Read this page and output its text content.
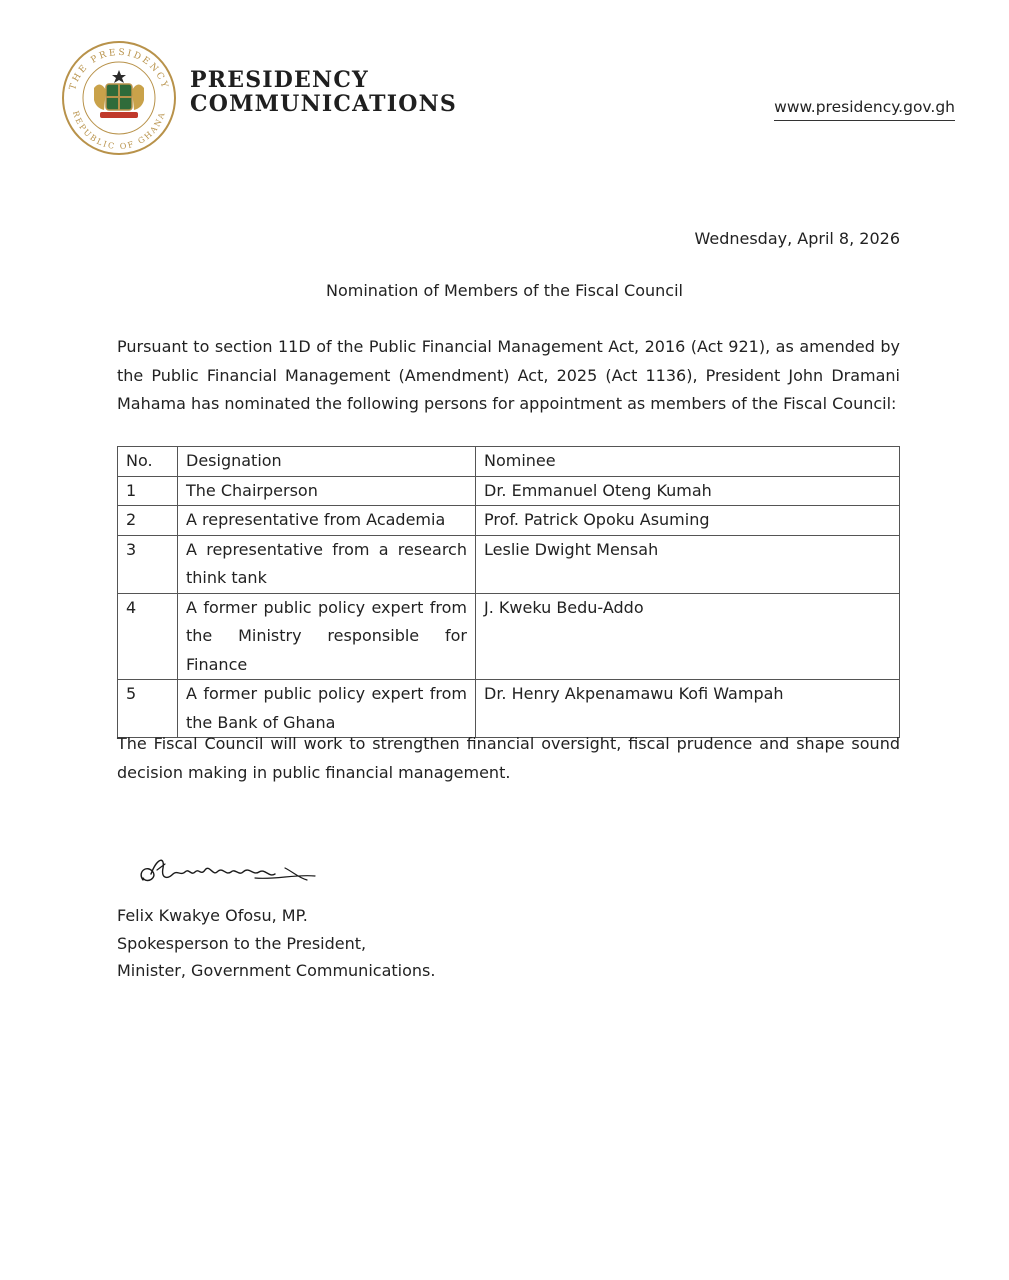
THE PRESIDENCY
REPUBLIC OF GHANA
PRESIDENCY
COMMUNICATIONS	www.presidency.gov.gh
Wednesday, April 8, 2026
Nomination of Members of the Fiscal Council

Pursuant to section 11D of the Public Financial Management Act, 2016 (Act 921), as amended by the Public Financial Management (Amendment) Act, 2025 (Act 1136), President John Dramani Mahama has nominated the following persons for appointment as members of the Fiscal Council:

No.	Designation	Nominee
1	The Chairperson	Dr. Emmanuel Oteng Kumah
2	A representative from Academia	Prof. Patrick Opoku Asuming
3	A representative from a research think tank	Leslie Dwight Mensah
4	A former public policy expert from the Ministry responsible for Finance	J. Kweku Bedu-Addo
5	A former public policy expert from the Bank of Ghana	Dr. Henry Akpenamawu Kofi Wampah

The Fiscal Council will work to strengthen financial oversight, fiscal prudence and shape sound decision making in public financial management.

Felix Kwakye Ofosu, MP.
Spokesperson to the President,
Minister, Government Communications.
